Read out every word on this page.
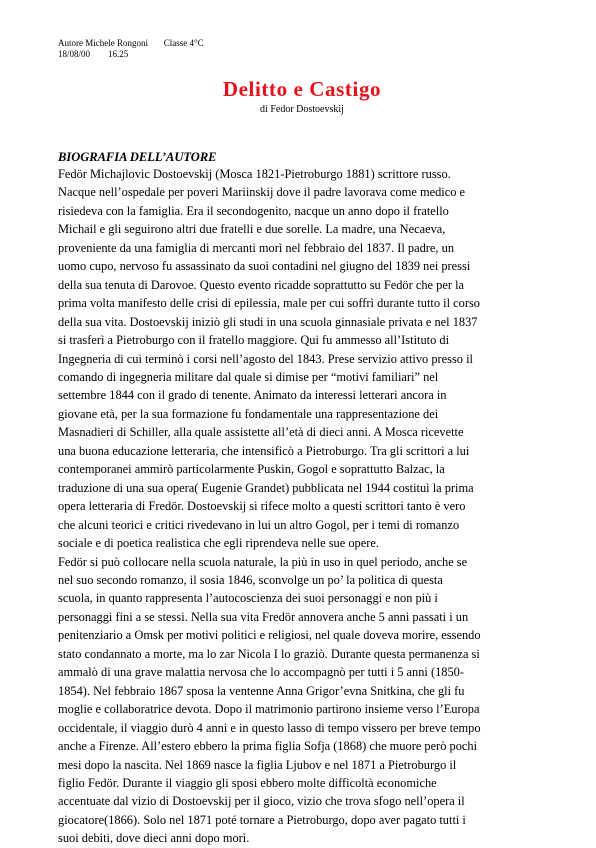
Autore Michele Rongoni       Classe 4°C
18/08/00        16.25
Delitto e Castigo
di Fedor Dostoevskij
BIOGRAFIA DELL’AUTORE

Fedör Michajlovic Dostoevskij (Mosca 1821-Pietroburgo 1881) scrittore russo.
Nacque nell’ospedale per poveri Mariinskij dove il padre lavorava come medico e
risiedeva con la famiglia. Era il secondogenito, nacque un anno dopo il fratello
Michail e gli seguirono altri due fratelli e due sorelle. La madre, una Necaeva,
proveniente da una famiglia di mercanti morì nel febbraio del 1837. Il padre, un
uomo cupo, nervoso fu assassinato da suoi contadini nel giugno del 1839 nei pressi
della sua tenuta di Darovoe. Questo evento ricadde soprattutto su Fedör che per la
prima volta manifesto delle crisi di epilessia, male per cui soffrì durante tutto il corso
della sua vita. Dostoevskij iniziò gli studi in una scuola ginnasiale privata e nel 1837
si trasferì a Pietroburgo con il fratello maggiore. Qui fu ammesso all’Istituto di
Ingegneria di cui terminò i corsi nell’agosto del 1843. Prese servizio attivo presso il
comando di ingegneria militare dal quale si dimise per “motivi familiari” nel
settembre 1844 con il grado di tenente. Animato da interessi letterari ancora in
giovane età, per la sua formazione fu fondamentale una rappresentazione dei
Masnadieri di Schiller, alla quale assistette all’età di dieci anni. A Mosca ricevette
una buona educazione letteraria, che intensificò a Pietroburgo. Tra gli scrittori a lui
contemporanei ammirò particolarmente Puskin, Gogol e soprattutto Balzac, la
traduzione di una sua opera( Eugenie Grandet) pubblicata nel 1944 costituì la prima
opera letteraria di Fredör. Dostoevskij si rifece molto a questi scrittori tanto è vero
che alcuni teorici e critici rivedevano in lui un altro Gogol, per i temi di romanzo
sociale e di poetica realistica che egli riprendeva nelle sue opere.

Fedör si può collocare nella scuola naturale, la più in uso in quel periodo, anche se
nel suo secondo romanzo, il sosia 1846, sconvolge un po’ la politica di questa
scuola, in quanto rappresenta l’autocoscienza dei suoi personaggi e non più i
personaggi fini a se stessi. Nella sua vita Fredör annovera anche 5 anni passati i un
penitenziario a Omsk per motivi politici e religiosi, nel quale doveva morire, essendo
stato condannato a morte, ma lo zar Nicola I lo graziò. Durante questa permanenza si
ammalò di una grave malattia nervosa che lo accompagnò per tutti i 5 anni (1850-
1854). Nel febbraio 1867 sposa la ventenne Anna Grigor’evna Snitkina, che gli fu
moglie e collaboratrice devota. Dopo il matrimonio partirono insieme verso l’Europa
occidentale, il viaggio durò 4 anni e in questo lasso di tempo vissero per breve tempo
anche a Firenze. All’estero ebbero la prima figlia Sofja (1868) che muore però pochi
mesi dopo la nascita. Nel 1869 nasce la figlia Ljubov e nel 1871 a Pietroburgo il
figlio Fedör. Durante il viaggio gli sposi ebbero molte difficoltà economiche
accentuate dal vizio di Dostoevskij per il gioco, vizio che trova sfogo nell’opera il
giocatore(1866). Solo nel 1871 poté tornare a Pietroburgo, dopo aver pagato tutti i
suoi debiti, dove dieci anni dopo morì.
